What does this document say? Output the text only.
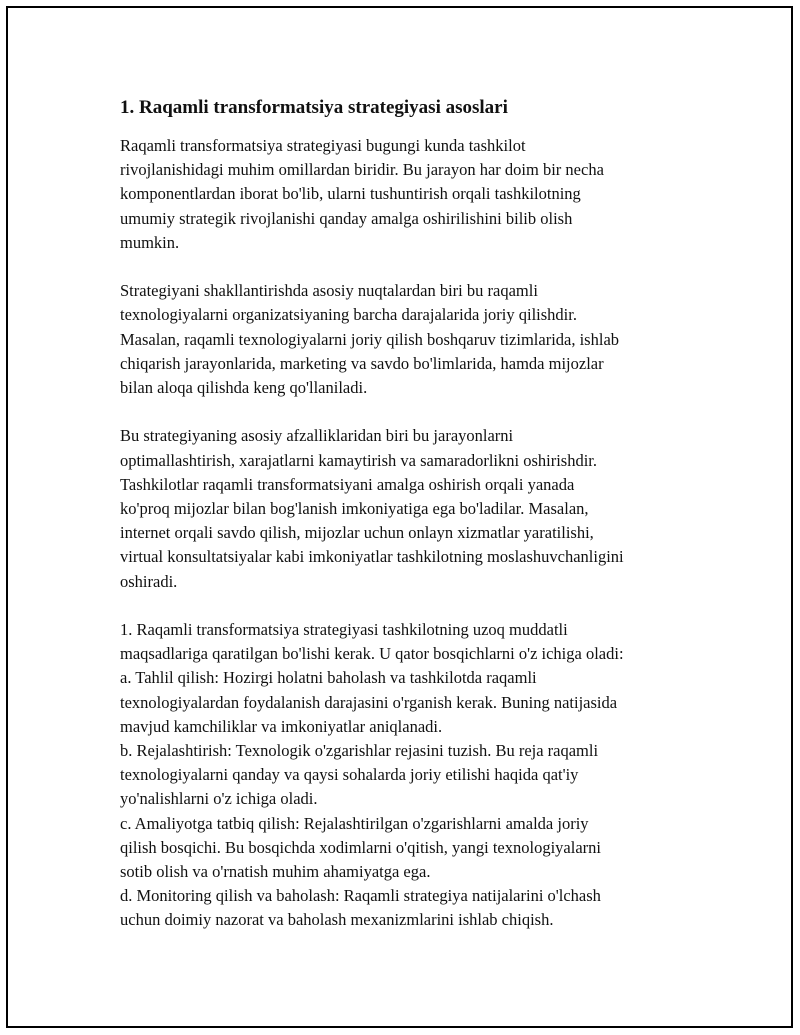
1. Raqamli transformatsiya strategiyasi asoslari

Raqamli transformatsiya strategiyasi bugungi kunda tashkilot
rivojlanishidagi muhim omillardan biridir. Bu jarayon har doim bir necha
komponentlardan iborat bo'lib, ularni tushuntirish orqali tashkilotning
umumiy strategik rivojlanishi qanday amalga oshirilishini bilib olish
mumkin.

Strategiyani shakllantirishda asosiy nuqtalardan biri bu raqamli
texnologiyalarni organizatsiyaning barcha darajalarida joriy qilishdir.
Masalan, raqamli texnologiyalarni joriy qilish boshqaruv tizimlarida, ishlab
chiqarish jarayonlarida, marketing va savdo bo'limlarida, hamda mijozlar
bilan aloqa qilishda keng qo'llaniladi.

Bu strategiyaning asosiy afzalliklaridan biri bu jarayonlarni
optimallashtirish, xarajatlarni kamaytirish va samaradorlikni oshirishdir.
Tashkilotlar raqamli transformatsiyani amalga oshirish orqali yanada
ko'proq mijozlar bilan bog'lanish imkoniyatiga ega bo'ladilar. Masalan,
internet orqali savdo qilish, mijozlar uchun onlayn xizmatlar yaratilishi,
virtual konsultatsiyalar kabi imkoniyatlar tashkilotning moslashuvchanligini
oshiradi.

1. Raqamli transformatsiya strategiyasi tashkilotning uzoq muddatli
maqsadlariga qaratilgan bo'lishi kerak. U qator bosqichlarni o'z ichiga oladi:
a. Tahlil qilish: Hozirgi holatni baholash va tashkilotda raqamli
texnologiyalardan foydalanish darajasini o'rganish kerak. Buning natijasida
mavjud kamchiliklar va imkoniyatlar aniqlanadi.
b. Rejalashtirish: Texnologik o'zgarishlar rejasini tuzish. Bu reja raqamli
texnologiyalarni qanday va qaysi sohalarda joriy etilishi haqida qat'iy
yo'nalishlarni o'z ichiga oladi.
c. Amaliyotga tatbiq qilish: Rejalashtirilgan o'zgarishlarni amalda joriy
qilish bosqichi. Bu bosqichda xodimlarni o'qitish, yangi texnologiyalarni
sotib olish va o'rnatish muhim ahamiyatga ega.
d. Monitoring qilish va baholash: Raqamli strategiya natijalarini o'lchash
uchun doimiy nazorat va baholash mexanizmlarini ishlab chiqish.
